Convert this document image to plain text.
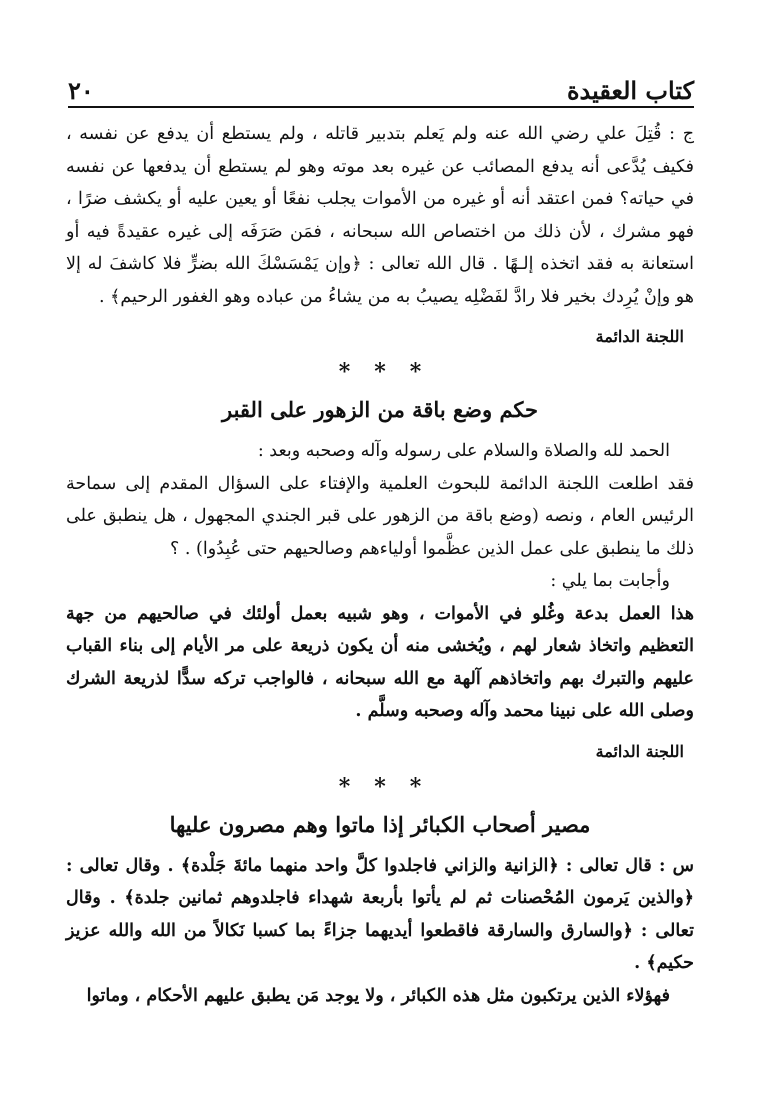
كتاب العقيدة
٢٠

ج : قُتِلَ علي رضي الله عنه ولم يَعلم بتدبير قاتله ، ولم يستطع أن يدفع عن نفسه ، فكيف يُدَّعى أنه يدفع المصائب عن غيره بعد موته وهو لم يستطع أن يدفعها عن نفسه في حياته؟ فمن اعتقد أنه أو غيره من الأموات يجلب نفعًا أو يعين عليه أو يكشف ضرًا ، فهو مشرك ، لأن ذلك من اختصاص الله سبحانه ، فمَن صَرَفَه إلى غيره عقيدةً فيه أو استعانة به فقد اتخذه إلـهًا . قال الله تعالى : ﴿وإن يَمْسَسْكَ الله بضرٍّ فلا كاشفَ له إلا هو وإنْ يُرِدك بخير فلا رادَّ لفَضْلِه يصيبُ به من يشاءُ من عباده وهو الغفور الرحيم﴾ .

اللجنة الدائمة
***
حكم وضع باقة من الزهور على القبر

الحمد لله والصلاة والسلام على رسوله وآله وصحبه وبعد :

فقد اطلعت اللجنة الدائمة للبحوث العلمية والإفتاء على السؤال المقدم إلى سماحة الرئيس العام ، ونصه (وضع باقة من الزهور على قبر الجندي المجهول ، هل ينطبق على ذلك ما ينطبق على عمل الذين عظَّموا أولياءهم وصالحيهم حتى عُبِدُوا) . ؟

وأجابت بما يلي :

هذا العمل بدعة وغُلو في الأموات ، وهو شبيه بعمل أولئك في صالحيهم من جهة التعظيم واتخاذ شعار لهم ، ويُخشى منه أن يكون ذريعة على مر الأيام إلى بناء القباب عليهم والتبرك بهم واتخاذهم آلهة مع الله سبحانه ، فالواجب تركه سدًّا لذريعة الشرك وصلى الله على نبينا محمد وآله وصحبه وسلَّم .

اللجنة الدائمة
***
مصير أصحاب الكبائر إذا ماتوا وهم مصرون عليها

س : قال تعالى : ﴿الزانية والزاني فاجلدوا كلَّ واحد منهما مائةَ جَلْدة﴾ . وقال تعالى : ﴿والذين يَرمون المُحْصنات ثم لم يأتوا بأربعة شهداء فاجلدوهم ثمانين جلدة﴾ . وقال تعالى : ﴿والسارق والسارقة فاقطعوا أيديهما جزاءً بما كسبا نَكالاً من الله والله عزيز حكيم﴾ .

فهؤلاء الذين يرتكبون مثل هذه الكبائر ، ولا يوجد مَن يطبق عليهم الأحكام ، وماتوا
